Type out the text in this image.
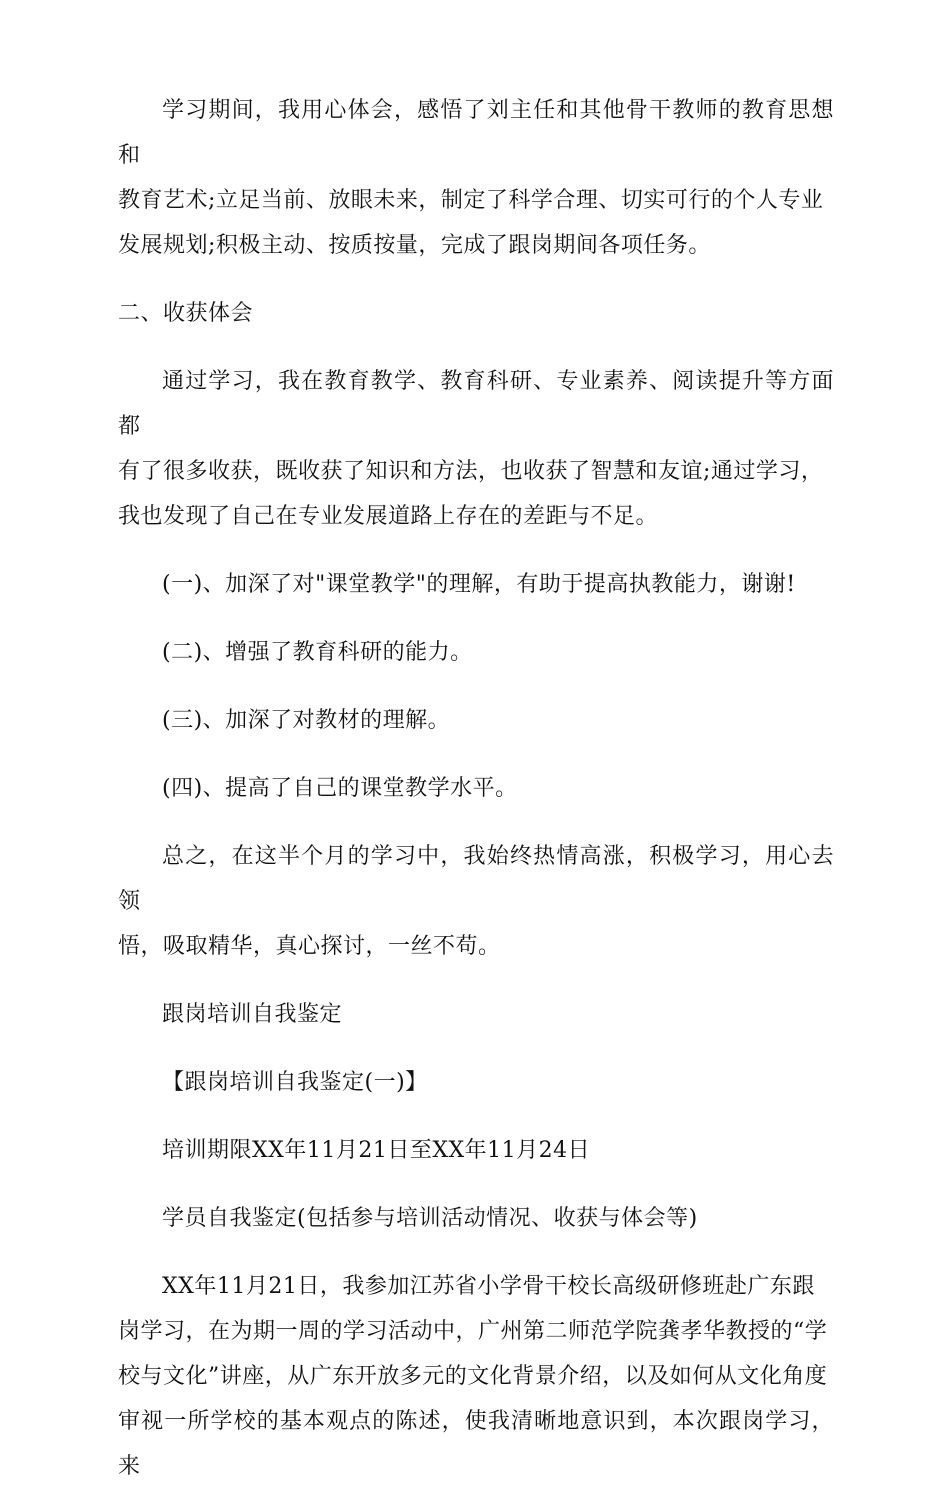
学习期间，我用心体会，感悟了刘主任和其他骨干教师的教育思想和
教育艺术;立足当前、放眼未来，制定了科学合理、切实可行的个人专业
发展规划;积极主动、按质按量，完成了跟岗期间各项任务。

二、收获体会

通过学习，我在教育教学、教育科研、专业素养、阅读提升等方面都
有了很多收获，既收获了知识和方法，也收获了智慧和友谊;通过学习，
我也发现了自己在专业发展道路上存在的差距与不足。

(一)、加深了对"课堂教学"的理解，有助于提高执教能力，谢谢!

(二)、增强了教育科研的能力。

(三)、加深了对教材的理解。

(四)、提高了自己的课堂教学水平。

总之，在这半个月的学习中，我始终热情高涨，积极学习，用心去领
悟，吸取精华，真心探讨，一丝不苟。

跟岗培训自我鉴定

【跟岗培训自我鉴定(一)】

培训期限XX年11月21日至XX年11月24日

学员自我鉴定(包括参与培训活动情况、收获与体会等)

XX年11月21日，我参加江苏省小学骨干校长高级研修班赴广东跟
岗学习，在为期一周的学习活动中，广州第二师范学院龚孝华教授的“学
校与文化”讲座，从广东开放多元的文化背景介绍，以及如何从文化角度
审视一所学校的基本观点的陈述，使我清晰地意识到，本次跟岗学习，来
